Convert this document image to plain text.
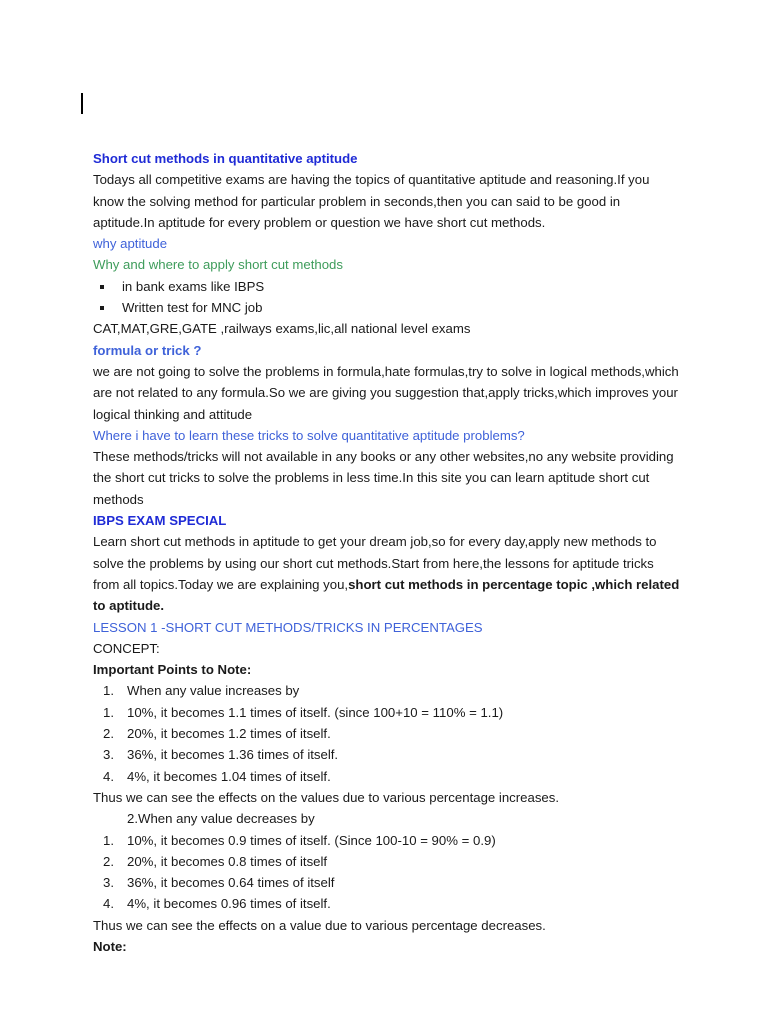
Short cut methods in quantitative aptitude

Todays all competitive exams are having the topics of quantitative aptitude and reasoning.If you know the solving method for particular problem in seconds,then you can said to be good in aptitude.In aptitude for every problem or question we have short cut methods.

why aptitude

Why and where to apply short cut methods

in bank exams like IBPS
Written test for MNC job

CAT,MAT,GRE,GATE ,railways exams,lic,all national level exams

formula or trick ?

we are not going to solve the problems in formula,hate formulas,try to solve in logical methods,which are not related to any formula.So we are giving you suggestion that,apply tricks,which improves your logical thinking and attitude

Where i have to learn these tricks to solve quantitative aptitude problems?

These methods/tricks will not available in any books or any other websites,no any website providing the short cut tricks to solve the problems in less time.In this site you can learn aptitude short cut methods

IBPS EXAM SPECIAL

Learn short cut methods in aptitude to get your dream job,so for every day,apply new methods to solve the problems by using our short cut methods.Start from here,the lessons for aptitude tricks from all topics.Today we are explaining you,short cut methods in percentage topic ,which related to aptitude.

LESSON 1 -SHORT CUT METHODS/TRICKS IN PERCENTAGES

CONCEPT:

Important Points to Note:

1. When any value increases by
1. 10%, it becomes 1.1 times of itself. (since 100+10 = 110% = 1.1)
2. 20%, it becomes 1.2 times of itself.
3. 36%, it becomes 1.36 times of itself.
4. 4%, it becomes 1.04 times of itself.

Thus we can see the effects on the values due to various percentage increases.

2.When any value decreases by

1. 10%, it becomes 0.9 times of itself. (Since 100-10 = 90% = 0.9)
2. 20%, it becomes 0.8 times of itself
3. 36%, it becomes 0.64 times of itself
4. 4%, it becomes 0.96 times of itself.

Thus we can see the effects on a value due to various percentage decreases.

Note:
